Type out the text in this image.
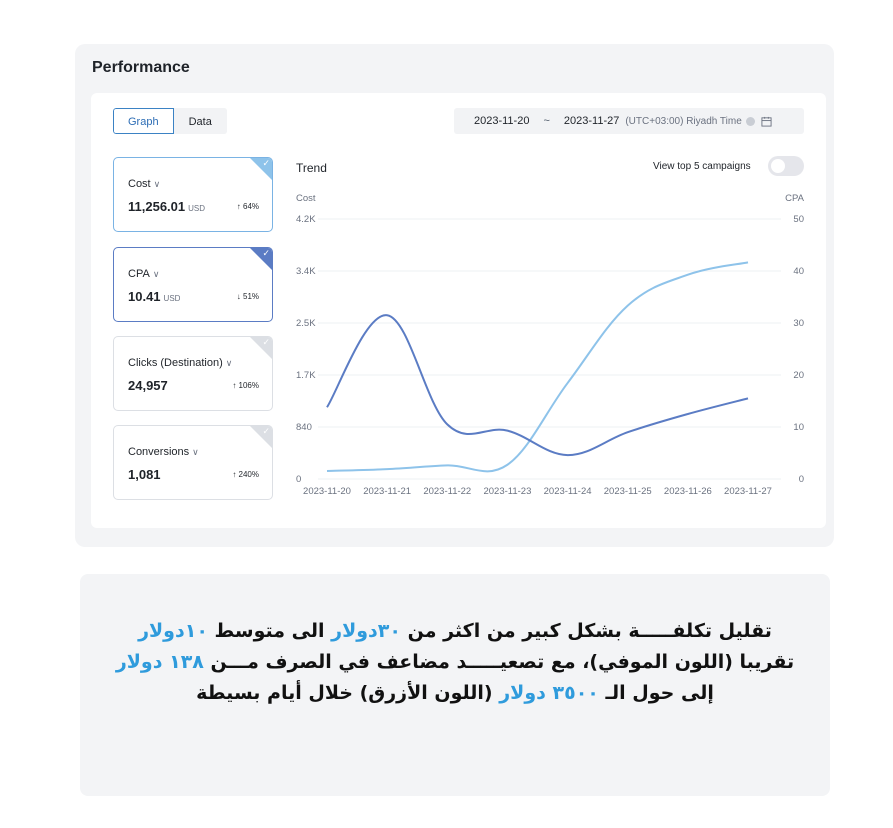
Performance
Graph	Data	2023-11-20 ~ 2023-11-27 (UTC+03:00) Riyadh Time
✓
Cost ∨
11,256.01 USD	↑ 64%
✓
CPA ∨
10.41 USD	↓ 51%
✓
Clicks (Destination) ∨
24,957	↑ 106%
✓
Conversions ∨
1,081	↑ 240%
Trend	View top 5 campaigns
0	0
840	10
1.7K	20
2.5K	30
3.4K	40
4.2K	50
Cost	CPA
2023-11-20 2023-11-21 2023-11-22 2023-11-23 2023-11-24 2023-11-25 2023-11-26 2023-11-27
تقليل تكلفـــــة بشكل كبير من اكثر من ٣٠دولار الى متوسط ١٠دولار تقريبا (اللون الموفي)، مع تصعيـــــد مضاعف في الصرف مـــن ١٣٨ دولار إلى حول الـ ٣٥٠٠ دولار (اللون الأزرق) خلال أيام بسيطة
